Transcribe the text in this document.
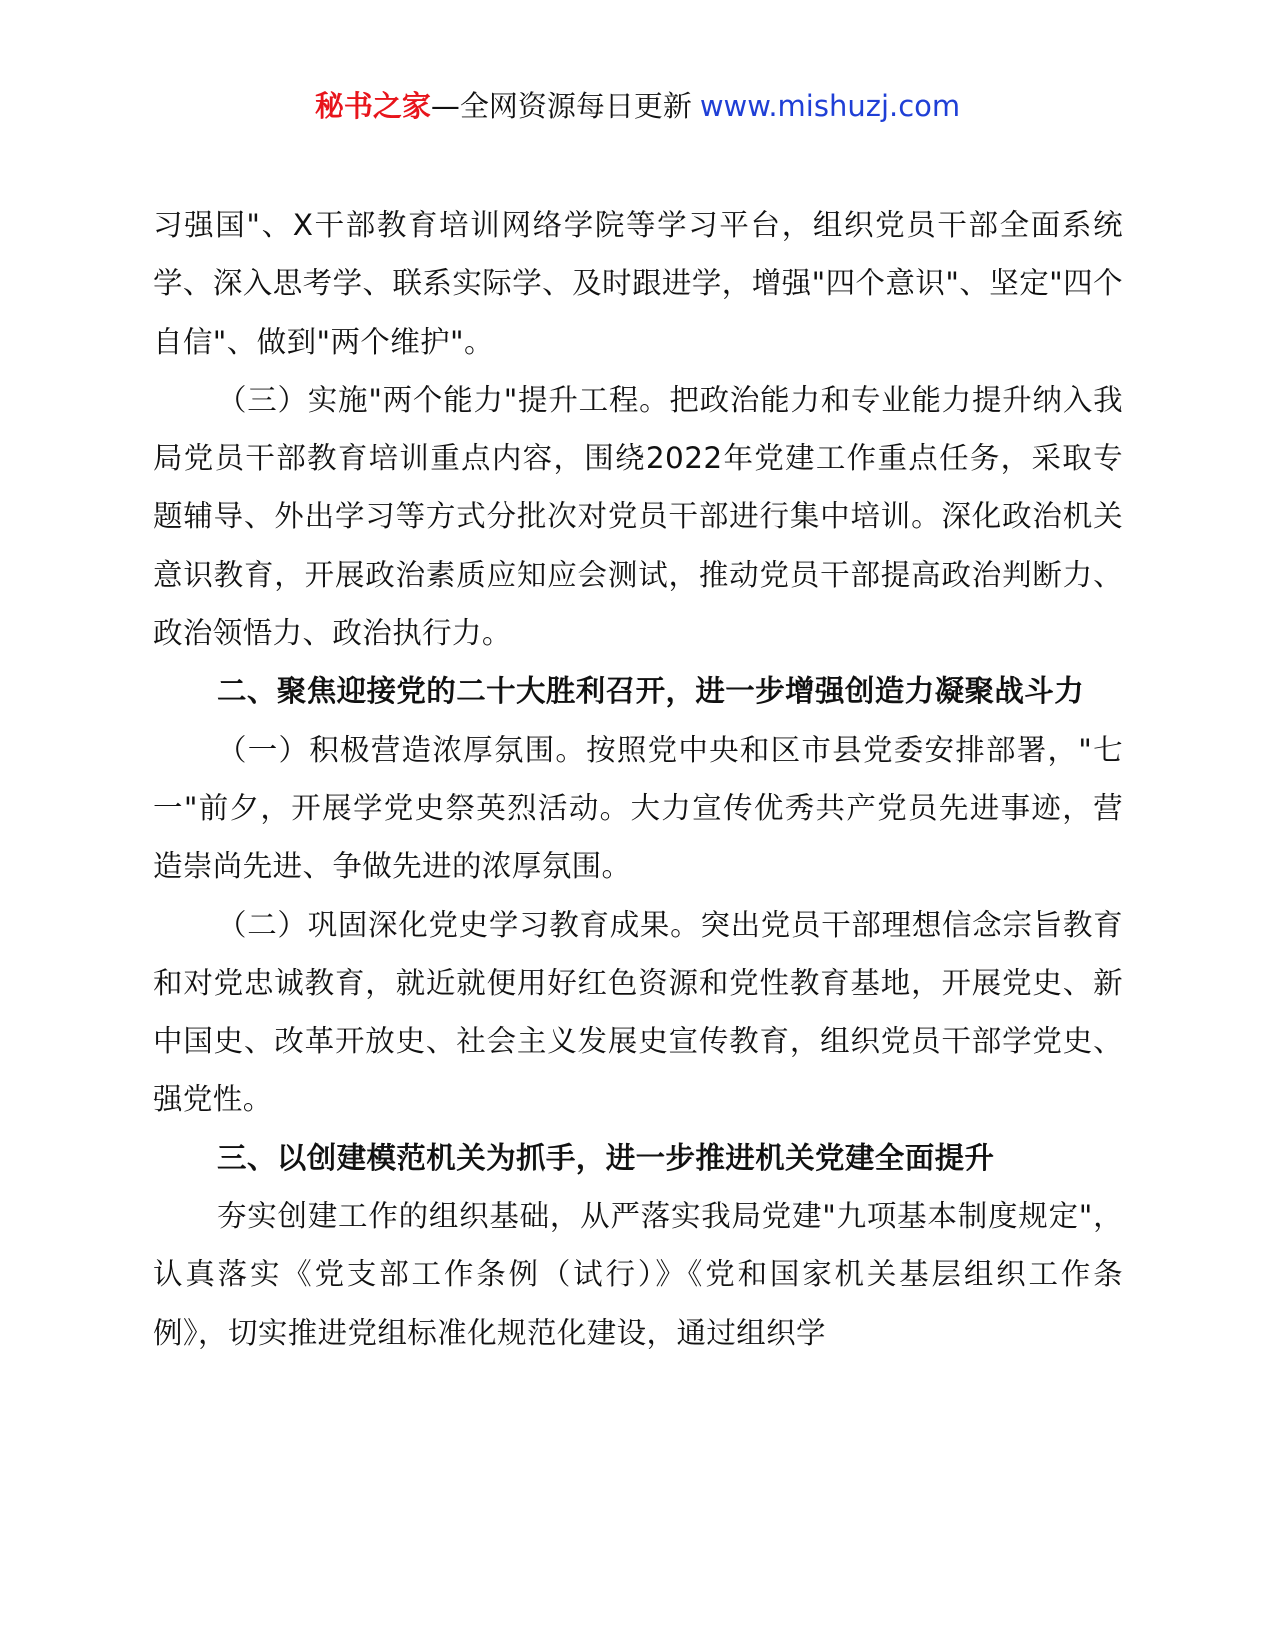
秘书之家—全网资源每日更新 www.mishuzj.com

习强国"、X干部教育培训网络学院等学习平台，组织党员干部全面系统学、深入思考学、联系实际学、及时跟进学，增强"四个意识"、坚定"四个自信"、做到"两个维护"。

（三）实施"两个能力"提升工程。把政治能力和专业能力提升纳入我局党员干部教育培训重点内容，围绕2022年党建工作重点任务，采取专题辅导、外出学习等方式分批次对党员干部进行集中培训。深化政治机关意识教育，开展政治素质应知应会测试，推动党员干部提高政治判断力、政治领悟力、政治执行力。

二、聚焦迎接党的二十大胜利召开，进一步增强创造力凝聚战斗力

（一）积极营造浓厚氛围。按照党中央和区市县党委安排部署，"七一"前夕，开展学党史祭英烈活动。大力宣传优秀共产党员先进事迹，营造崇尚先进、争做先进的浓厚氛围。

（二）巩固深化党史学习教育成果。突出党员干部理想信念宗旨教育和对党忠诚教育，就近就便用好红色资源和党性教育基地，开展党史、新中国史、改革开放史、社会主义发展史宣传教育，组织党员干部学党史、强党性。

三、以创建模范机关为抓手，进一步推进机关党建全面提升

夯实创建工作的组织基础，从严落实我局党建"九项基本制度规定"，认真落实《党支部工作条例（试行）》《党和国家机关基层组织工作条例》，切实推进党组标准化规范化建设，通过组织学
